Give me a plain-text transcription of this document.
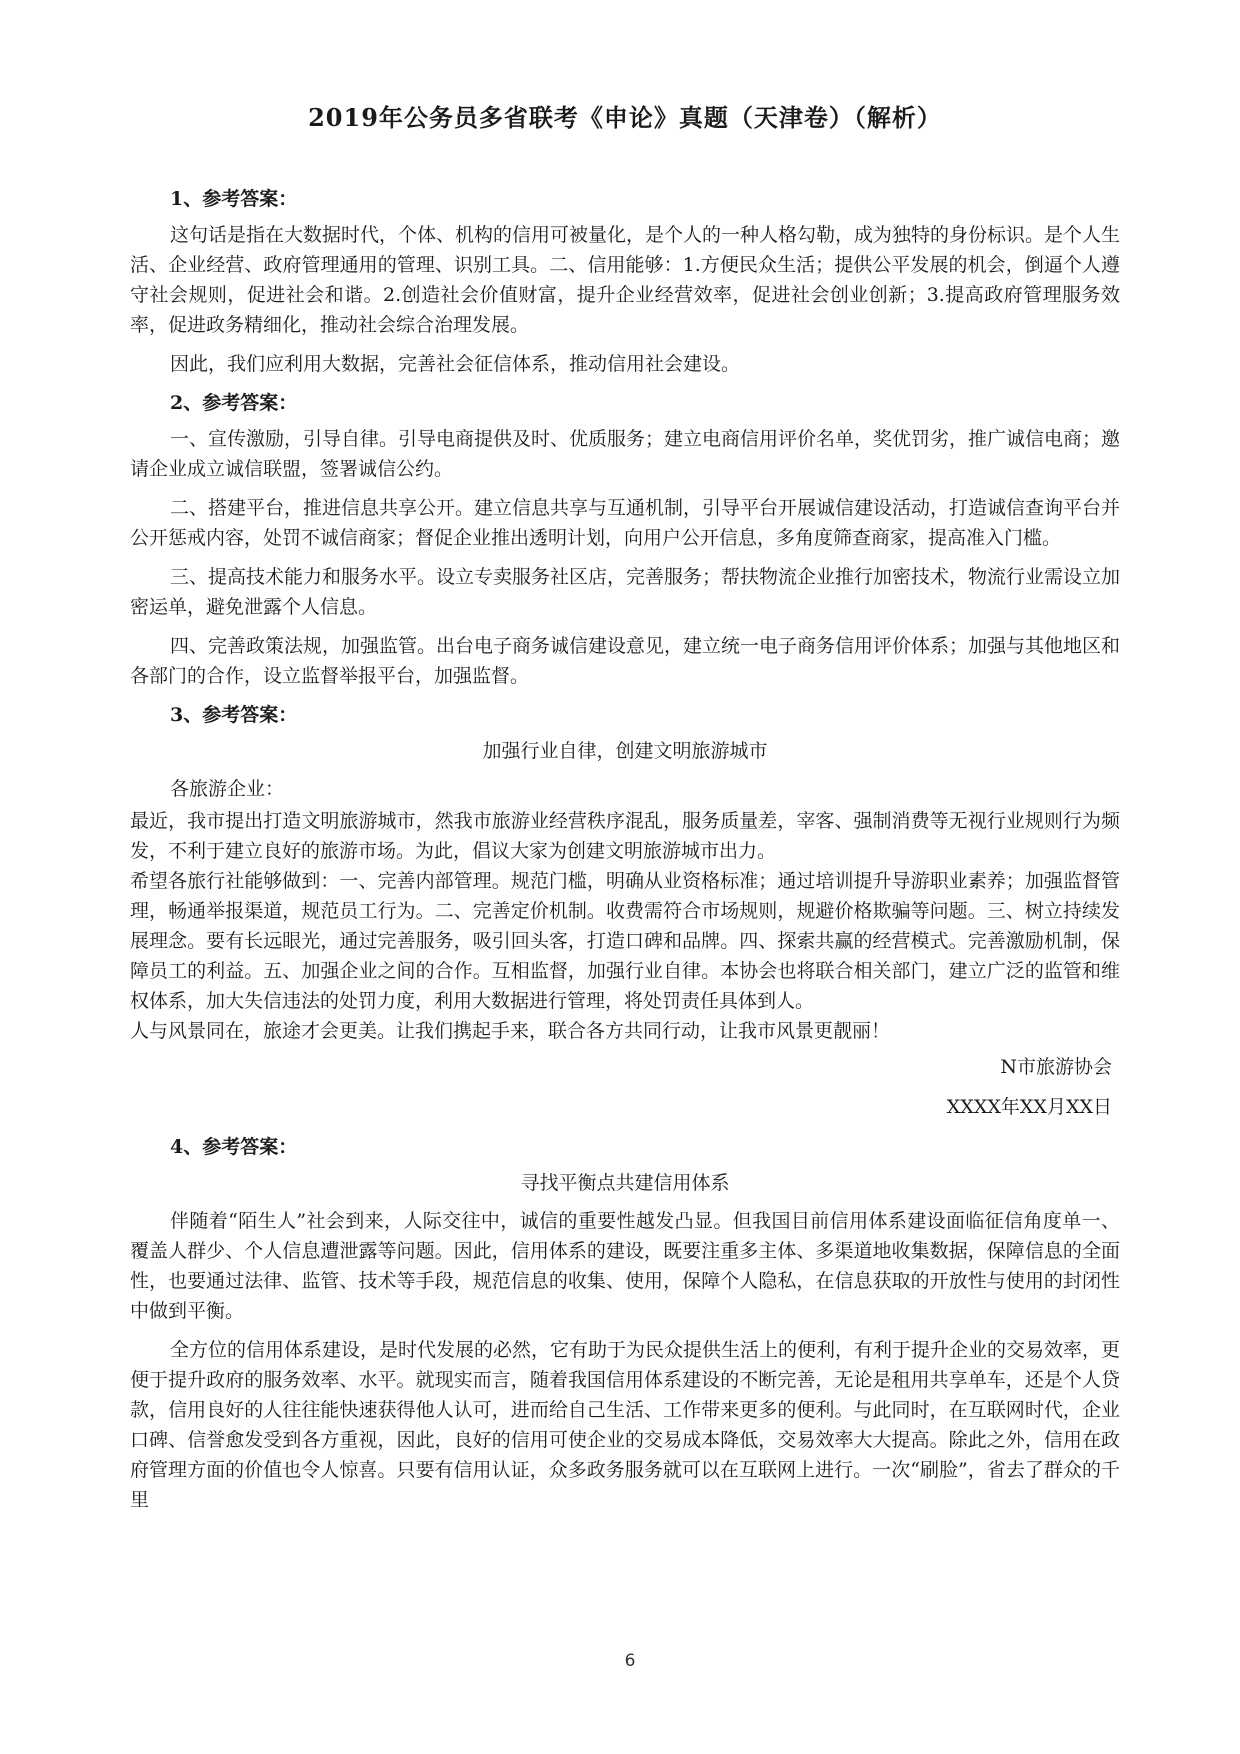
2019年公务员多省联考《申论》真题（天津卷）（解析）
1、参考答案：

这句话是指在大数据时代，个体、机构的信用可被量化，是个人的一种人格勾勒，成为独特的身份标识。是个人生活、企业经营、政府管理通用的管理、识别工具。二、信用能够：1.方便民众生活；提供公平发展的机会，倒逼个人遵守社会规则，促进社会和谐。2.创造社会价值财富，提升企业经营效率，促进社会创业创新；3.提高政府管理服务效率，促进政务精细化，推动社会综合治理发展。

因此，我们应利用大数据，完善社会征信体系，推动信用社会建设。

2、参考答案：

一、宣传激励，引导自律。引导电商提供及时、优质服务；建立电商信用评价名单，奖优罚劣，推广诚信电商；邀请企业成立诚信联盟，签署诚信公约。

二、搭建平台，推进信息共享公开。建立信息共享与互通机制，引导平台开展诚信建设活动，打造诚信查询平台并公开惩戒内容，处罚不诚信商家；督促企业推出透明计划，向用户公开信息，多角度筛查商家，提高准入门槛。

三、提高技术能力和服务水平。设立专卖服务社区店，完善服务；帮扶物流企业推行加密技术，物流行业需设立加密运单，避免泄露个人信息。

四、完善政策法规，加强监管。出台电子商务诚信建设意见，建立统一电子商务信用评价体系；加强与其他地区和各部门的合作，设立监督举报平台，加强监督。

3、参考答案：
加强行业自律，创建文明旅游城市

各旅游企业：

最近，我市提出打造文明旅游城市，然我市旅游业经营秩序混乱，服务质量差，宰客、强制消费等无视行业规则行为频发，不利于建立良好的旅游市场。为此，倡议大家为创建文明旅游城市出力。

希望各旅行社能够做到：一、完善内部管理。规范门槛，明确从业资格标准；通过培训提升导游职业素养；加强监督管理，畅通举报渠道，规范员工行为。二、完善定价机制。收费需符合市场规则，规避价格欺骗等问题。三、树立持续发展理念。要有长远眼光，通过完善服务，吸引回头客，打造口碑和品牌。四、探索共赢的经营模式。完善激励机制，保障员工的利益。五、加强企业之间的合作。互相监督，加强行业自律。本协会也将联合相关部门，建立广泛的监管和维权体系，加大失信违法的处罚力度，利用大数据进行管理，将处罚责任具体到人。

人与风景同在，旅途才会更美。让我们携起手来，联合各方共同行动，让我市风景更靓丽！

N市旅游协会
XXXX年XX月XX日
4、参考答案：
寻找平衡点共建信用体系

伴随着“陌生人”社会到来，人际交往中，诚信的重要性越发凸显。但我国目前信用体系建设面临征信角度单一、覆盖人群少、个人信息遭泄露等问题。因此，信用体系的建设，既要注重多主体、多渠道地收集数据，保障信息的全面性，也要通过法律、监管、技术等手段，规范信息的收集、使用，保障个人隐私，在信息获取的开放性与使用的封闭性中做到平衡。

全方位的信用体系建设，是时代发展的必然，它有助于为民众提供生活上的便利，有利于提升企业的交易效率，更便于提升政府的服务效率、水平。就现实而言，随着我国信用体系建设的不断完善，无论是租用共享单车，还是个人贷款，信用良好的人往往能快速获得他人认可，进而给自己生活、工作带来更多的便利。与此同时，在互联网时代，企业口碑、信誉愈发受到各方重视，因此，良好的信用可使企业的交易成本降低，交易效率大大提高。除此之外，信用在政府管理方面的价值也令人惊喜。只要有信用认证，众多政务服务就可以在互联网上进行。一次“刷脸”，省去了群众的千里

6
